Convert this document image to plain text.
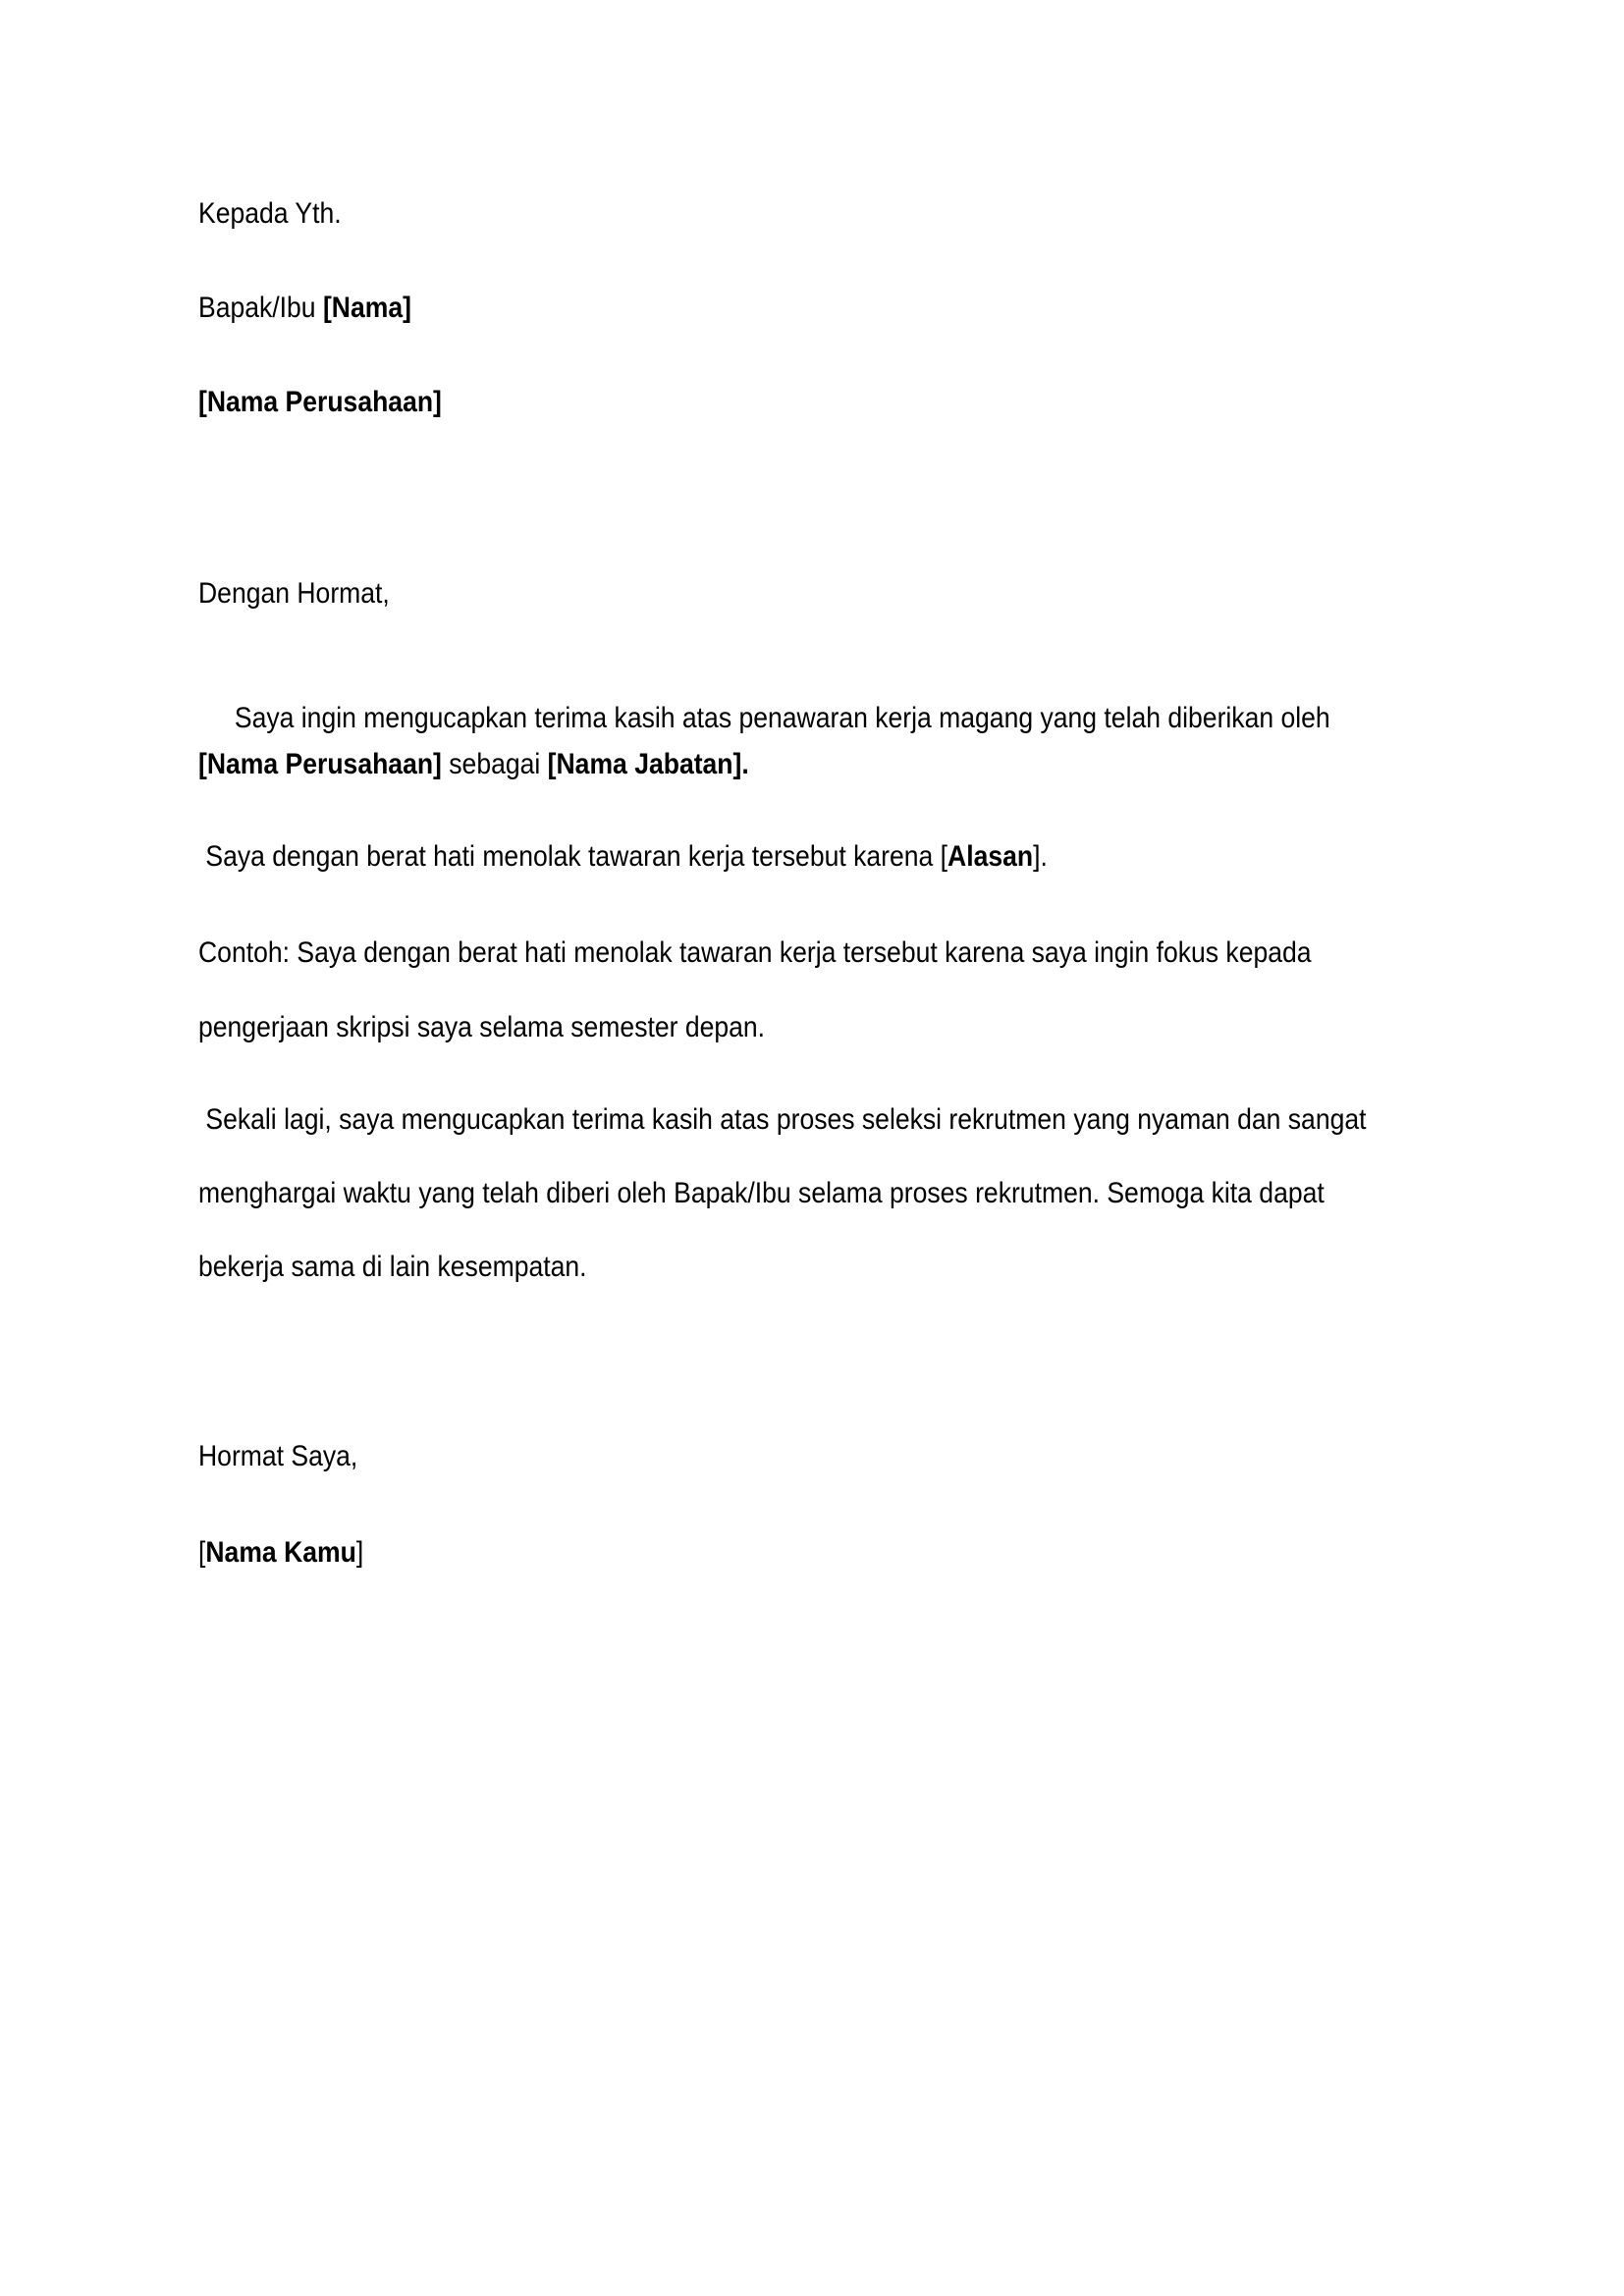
Kepada Yth.
Bapak/Ibu [Nama]
[Nama Perusahaan]
Dengan Hormat,

Saya ingin mengucapkan terima kasih atas penawaran kerja magang yang telah diberikan oleh

[Nama Perusahaan] sebagai [Nama Jabatan].
Saya dengan berat hati menolak tawaran kerja tersebut karena [Alasan].
Contoh: Saya dengan berat hati menolak tawaran kerja tersebut karena saya ingin fokus kepada
pengerjaan skripsi saya selama semester depan.
Sekali lagi, saya mengucapkan terima kasih atas proses seleksi rekrutmen yang nyaman dan sangat
menghargai waktu yang telah diberi oleh Bapak/Ibu selama proses rekrutmen. Semoga kita dapat
bekerja sama di lain kesempatan.
Hormat Saya,
[Nama Kamu]
